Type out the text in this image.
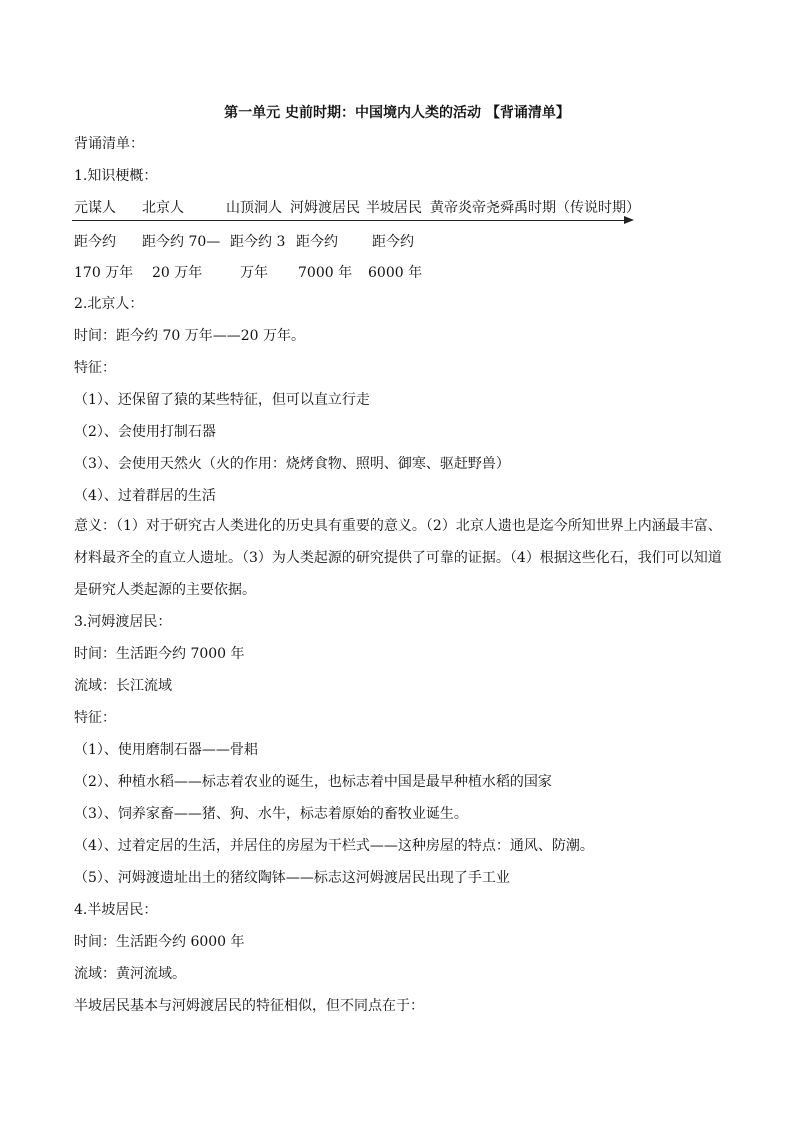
第一单元 史前时期：中国境内人类的活动 【背诵清单】
背诵清单：
1.知识梗概：
元谋人 北京人	山顶洞人 河姆渡居民 半坡居民 黄帝炎帝尧舜禹时期（传说时期）
距今约 距今约 70— 距今约 3 距今约 距今约
170 万年 20 万年	万年 7000 年 6000 年
2.北京人：
时间：距今约 70 万年——20 万年。
特征：
（1）、还保留了猿的某些特征，但可以直立行走
（2）、会使用打制石器
（3）、会使用天然火（火的作用：烧烤食物、照明、御寒、驱赶野兽）
（4）、过着群居的生活
意义：（1）对于研究古人类进化的历史具有重要的意义。（2）北京人遗也是迄今所知世界上内涵最丰富、材料最齐全的直立人遗址。（3）为人类起源的研究提供了可靠的证据。（4）根据这些化石，我们可以知道是研究人类起源的主要依据。
3.河姆渡居民：
时间：生活距今约 7000 年
流域：长江流域
特征：
（1）、使用磨制石器——骨耜
（2）、种植水稻——标志着农业的诞生，也标志着中国是最早种植水稻的国家
（3）、饲养家畜——猪、狗、水牛，标志着原始的畜牧业诞生。
（4）、过着定居的生活，并居住的房屋为干栏式——这种房屋的特点：通风、防潮。
（5）、河姆渡遗址出土的猪纹陶钵——标志这河姆渡居民出现了手工业
4.半坡居民：
时间：生活距今约 6000 年
流域：黄河流域。
半坡居民基本与河姆渡居民的特征相似，但不同点在于：
